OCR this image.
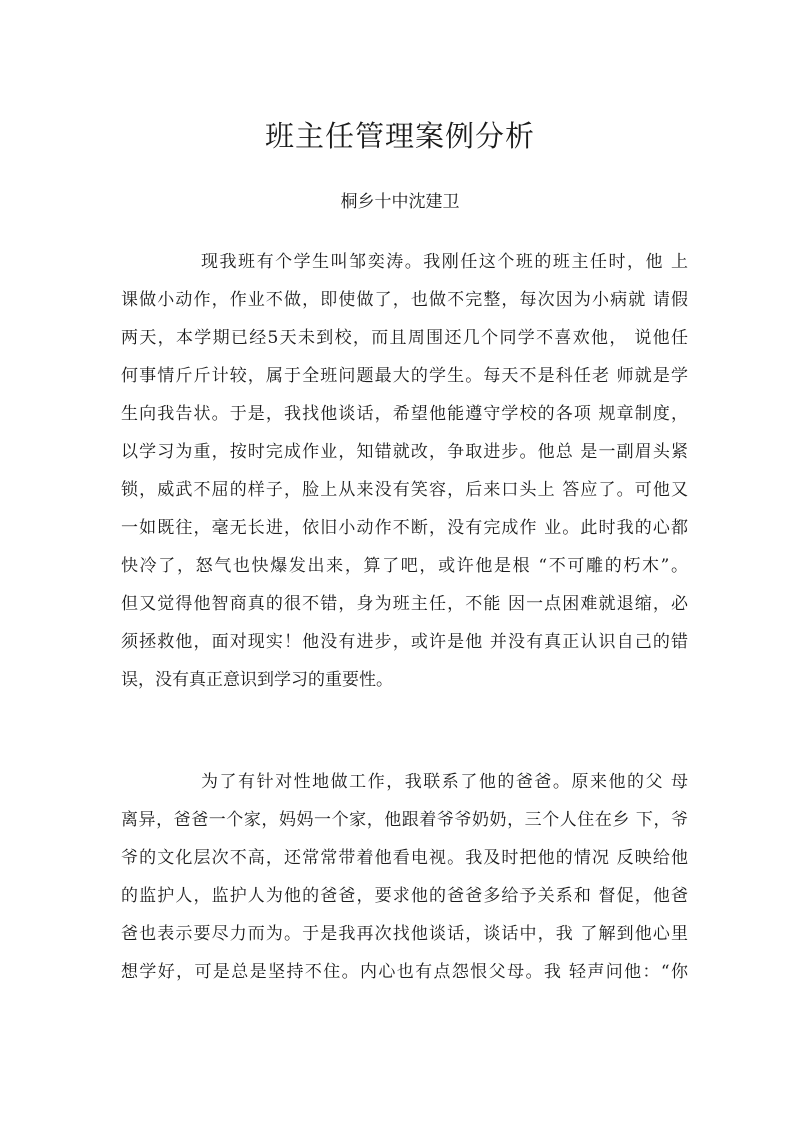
班主任管理案例分析
桐乡十中沈建卫
现我班有个学生叫邹奕涛。我刚任这个班的班主任时，他 上
课做小动作，作业不做，即使做了，也做不完整，每次因为小病就 请假
两天，本学期已经5天未到校，而且周围还几个同学不喜欢他， 说他任
何事情斤斤计较，属于全班问题最大的学生。每天不是科任老 师就是学
生向我告状。于是，我找他谈话，希望他能遵守学校的各项 规章制度，
以学习为重，按时完成作业，知错就改，争取进步。他总 是一副眉头紧
锁，威武不屈的样子，脸上从来没有笑容，后来口头上 答应了。可他又
一如既往，毫无长进，依旧小动作不断，没有完成作 业。此时我的心都
快冷了，怒气也快爆发出来，算了吧，或许他是根 “不可雕的朽木”。
但又觉得他智商真的很不错，身为班主任，不能 因一点困难就退缩，必
须拯救他，面对现实！他没有进步，或许是他 并没有真正认识自己的错
误，没有真正意识到学习的重要性。
为了有针对性地做工作，我联系了他的爸爸。原来他的父 母
离异，爸爸一个家，妈妈一个家，他跟着爷爷奶奶，三个人住在乡 下，爷
爷的文化层次不高，还常常带着他看电视。我及时把他的情况 反映给他
的监护人，监护人为他的爸爸，要求他的爸爸多给予关系和 督促，他爸
爸也表示要尽力而为。于是我再次找他谈话，谈话中，我 了解到他心里
想学好，可是总是坚持不住。内心也有点怨恨父母。我 轻声问他：“你
